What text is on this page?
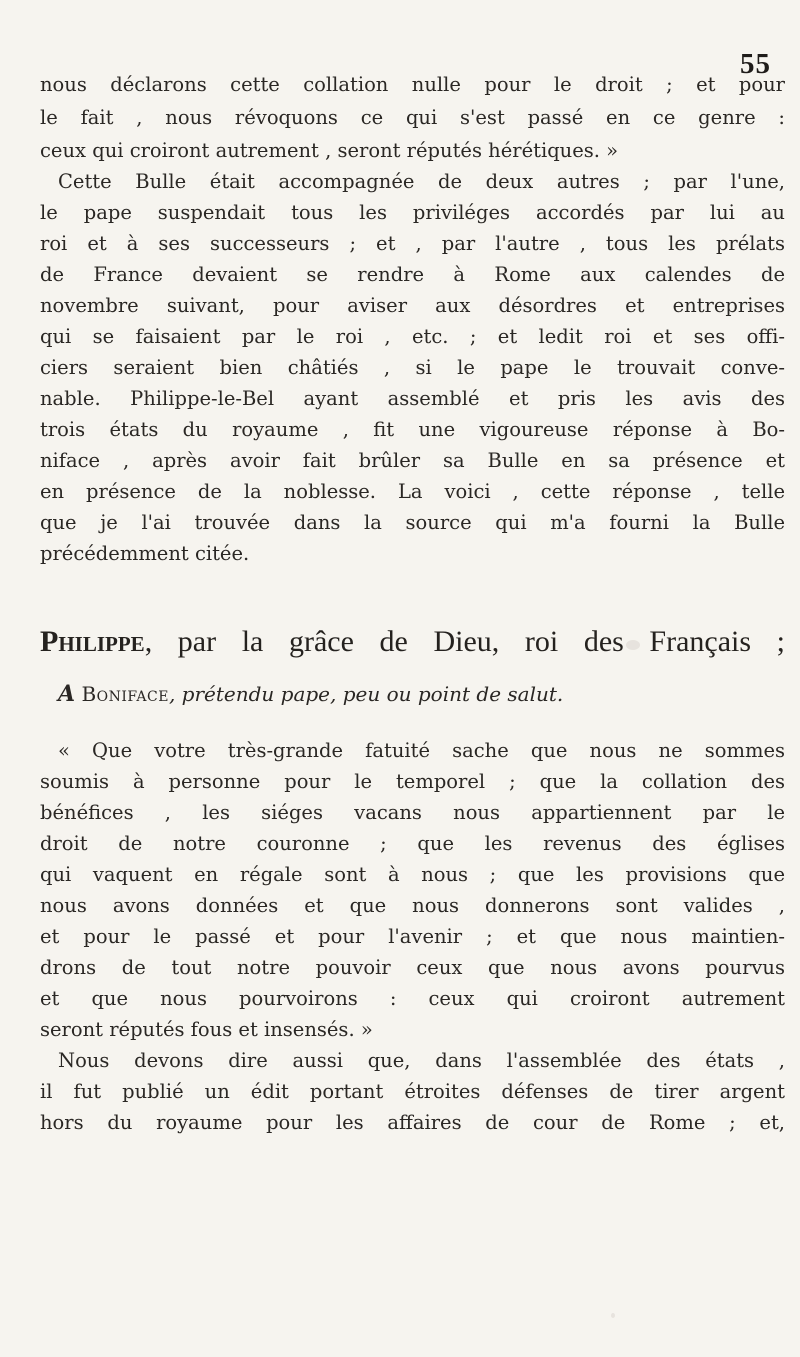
55
nous déclarons cette collation nulle pour le droit ; et pour
le fait , nous révoquons ce qui s'est passé en ce genre :
ceux qui croiront autrement , seront réputés hérétiques. »
Cette Bulle était accompagnée de deux autres ; par l'une,
le pape suspendait tous les priviléges accordés par lui au
roi et à ses successeurs ; et , par l'autre , tous les prélats
de France devaient se rendre à Rome aux calendes de
novembre suivant, pour aviser aux désordres et entreprises
qui se faisaient par le roi , etc. ; et ledit roi et ses offi-
ciers seraient bien châtiés , si le pape le trouvait conve-
nable. Philippe-le-Bel ayant assemblé et pris les avis des
trois états du royaume , fit une vigoureuse réponse à Bo-
niface , après avoir fait brûler sa Bulle en sa présence et
en présence de la noblesse. La voici , cette réponse , telle
que je l'ai trouvée dans la source qui m'a fourni la Bulle
précédemment citée.
Philippe, par la grâce de Dieu, roi des Français ;
A Boniface, prétendu pape, peu ou point de salut.
« Que votre très-grande fatuité sache que nous ne sommes
soumis à personne pour le temporel ; que la collation des
bénéfices , les siéges vacans nous appartiennent par le
droit de notre couronne ; que les revenus des églises
qui vaquent en régale sont à nous ; que les provisions que
nous avons données et que nous donnerons sont valides ,
et pour le passé et pour l'avenir ; et que nous maintien-
drons de tout notre pouvoir ceux que nous avons pourvus
et que nous pourvoirons : ceux qui croiront autrement
seront réputés fous et insensés. »
Nous devons dire aussi que, dans l'assemblée des états ,
il fut publié un édit portant étroites défenses de tirer argent
hors du royaume pour les affaires de cour de Rome ; et,
